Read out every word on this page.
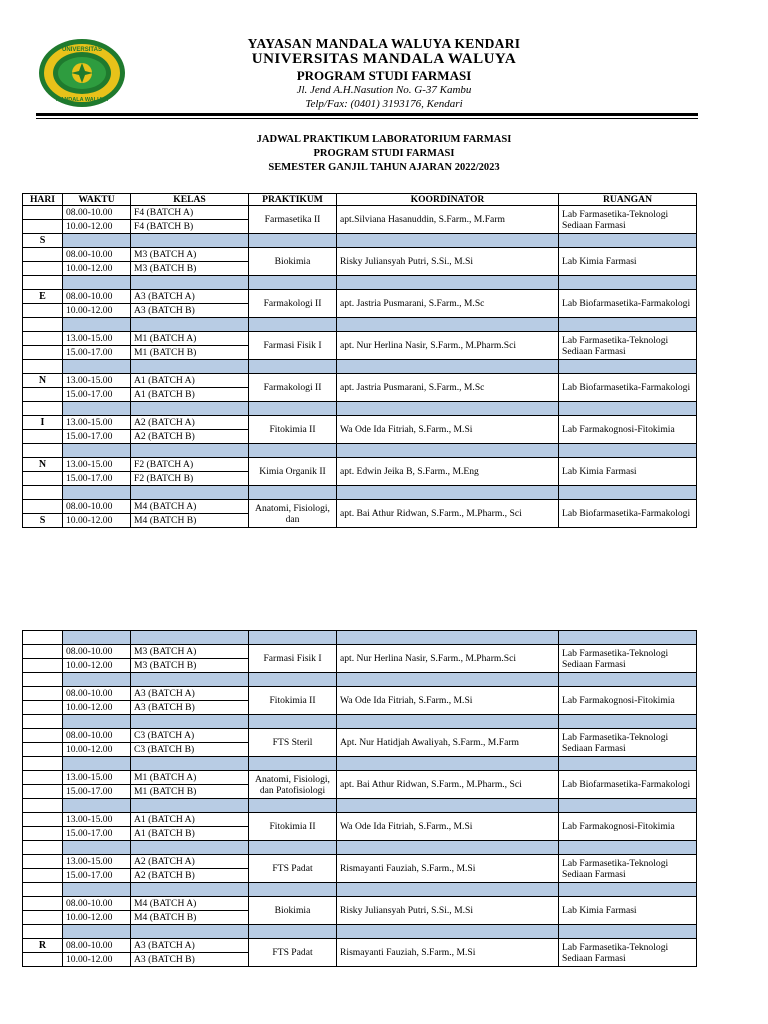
UNIVERSITAS
MANDALA WALUYA
YAYASAN MANDALA WALUYA KENDARI
UNIVERSITAS MANDALA WALUYA
PROGRAM STUDI FARMASI
Jl. Jend A.H.Nasution No. G-37 Kambu
Telp/Fax: (0401) 3193176, Kendari
JADWAL PRAKTIKUM LABORATORIUM FARMASI
PROGRAM STUDI FARMASI
SEMESTER GANJIL TAHUN AJARAN 2022/2023
HARI	WAKTU	KELAS	PRAKTIKUM	KOORDINATOR	RUANGAN
	08.00-10.00	F4 (BATCH A)	Farmasetika II	apt.Silviana Hasanuddin, S.Farm., M.Farm	Lab Farmasetika-Teknologi Sediaan Farmasi
	10.00-12.00	F4 (BATCH B)			
S					
	08.00-10.00	M3 (BATCH A)	Biokimia	Risky Juliansyah Putri, S.Si., M.Si	Lab Kimia Farmasi
	10.00-12.00	M3 (BATCH B)			

E	08.00-10.00	A3 (BATCH A)	Farmakologi II	apt. Jastria Pusmarani, S.Farm., M.Sc	Lab Biofarmasetika-Farmakologi
	10.00-12.00	A3 (BATCH B)			

	13.00-15.00	M1 (BATCH A)	Farmasi Fisik I	apt. Nur Herlina Nasir, S.Farm., M.Pharm.Sci	Lab Farmasetika-Teknologi Sediaan Farmasi
	15.00-17.00	M1 (BATCH B)			

N	13.00-15.00	A1 (BATCH A)	Farmakologi II	apt. Jastria Pusmarani, S.Farm., M.Sc	Lab Biofarmasetika-Farmakologi
	15.00-17.00	A1 (BATCH B)			

I	13.00-15.00	A2 (BATCH A)	Fitokimia II	Wa Ode Ida Fitriah, S.Farm., M.Si	Lab Farmakognosi-Fitokimia
	15.00-17.00	A2 (BATCH B)			

N	13.00-15.00	F2 (BATCH A)	Kimia Organik II	apt. Edwin Jeika B, S.Farm., M.Eng	Lab Kimia Farmasi
	15.00-17.00	F2 (BATCH B)			

	08.00-10.00	M4 (BATCH A)	Anatomi, Fisiologi, dan	apt. Bai Athur Ridwan, S.Farm., M.Pharm., Sci	Lab Biofarmasetika-Farmakologi
S	10.00-12.00	M4 (BATCH B)			

	08.00-10.00	M3 (BATCH A)	Farmasi Fisik I	apt. Nur Herlina Nasir, S.Farm., M.Pharm.Sci	Lab Farmasetika-Teknologi Sediaan Farmasi
	10.00-12.00	M3 (BATCH B)			

	08.00-10.00	A3 (BATCH A)	Fitokimia II	Wa Ode Ida Fitriah, S.Farm., M.Si	Lab Farmakognosi-Fitokimia
	10.00-12.00	A3 (BATCH B)			

	08.00-10.00	C3 (BATCH A)	FTS Steril	Apt. Nur Hatidjah Awaliyah, S.Farm., M.Farm	Lab Farmasetika-Teknologi Sediaan Farmasi
	10.00-12.00	C3 (BATCH B)			

	13.00-15.00	M1 (BATCH A)	Anatomi, Fisiologi, dan Patofisiologi	apt. Bai Athur Ridwan, S.Farm., M.Pharm., Sci	Lab Biofarmasetika-Farmakologi
	15.00-17.00	M1 (BATCH B)			

	13.00-15.00	A1 (BATCH A)	Fitokimia II	Wa Ode Ida Fitriah, S.Farm., M.Si	Lab Farmakognosi-Fitokimia
	15.00-17.00	A1 (BATCH B)			

	13.00-15.00	A2 (BATCH A)	FTS Padat	Rismayanti Fauziah, S.Farm., M.Si	Lab Farmasetika-Teknologi Sediaan Farmasi
	15.00-17.00	A2 (BATCH B)			

	08.00-10.00	M4 (BATCH A)	Biokimia	Risky Juliansyah Putri, S.Si., M.Si	Lab Kimia Farmasi
	10.00-12.00	M4 (BATCH B)			

R	08.00-10.00	A3 (BATCH A)	FTS Padat	Rismayanti Fauziah, S.Farm., M.Si	Lab Farmasetika-Teknologi Sediaan Farmasi
	10.00-12.00	A3 (BATCH B)			
